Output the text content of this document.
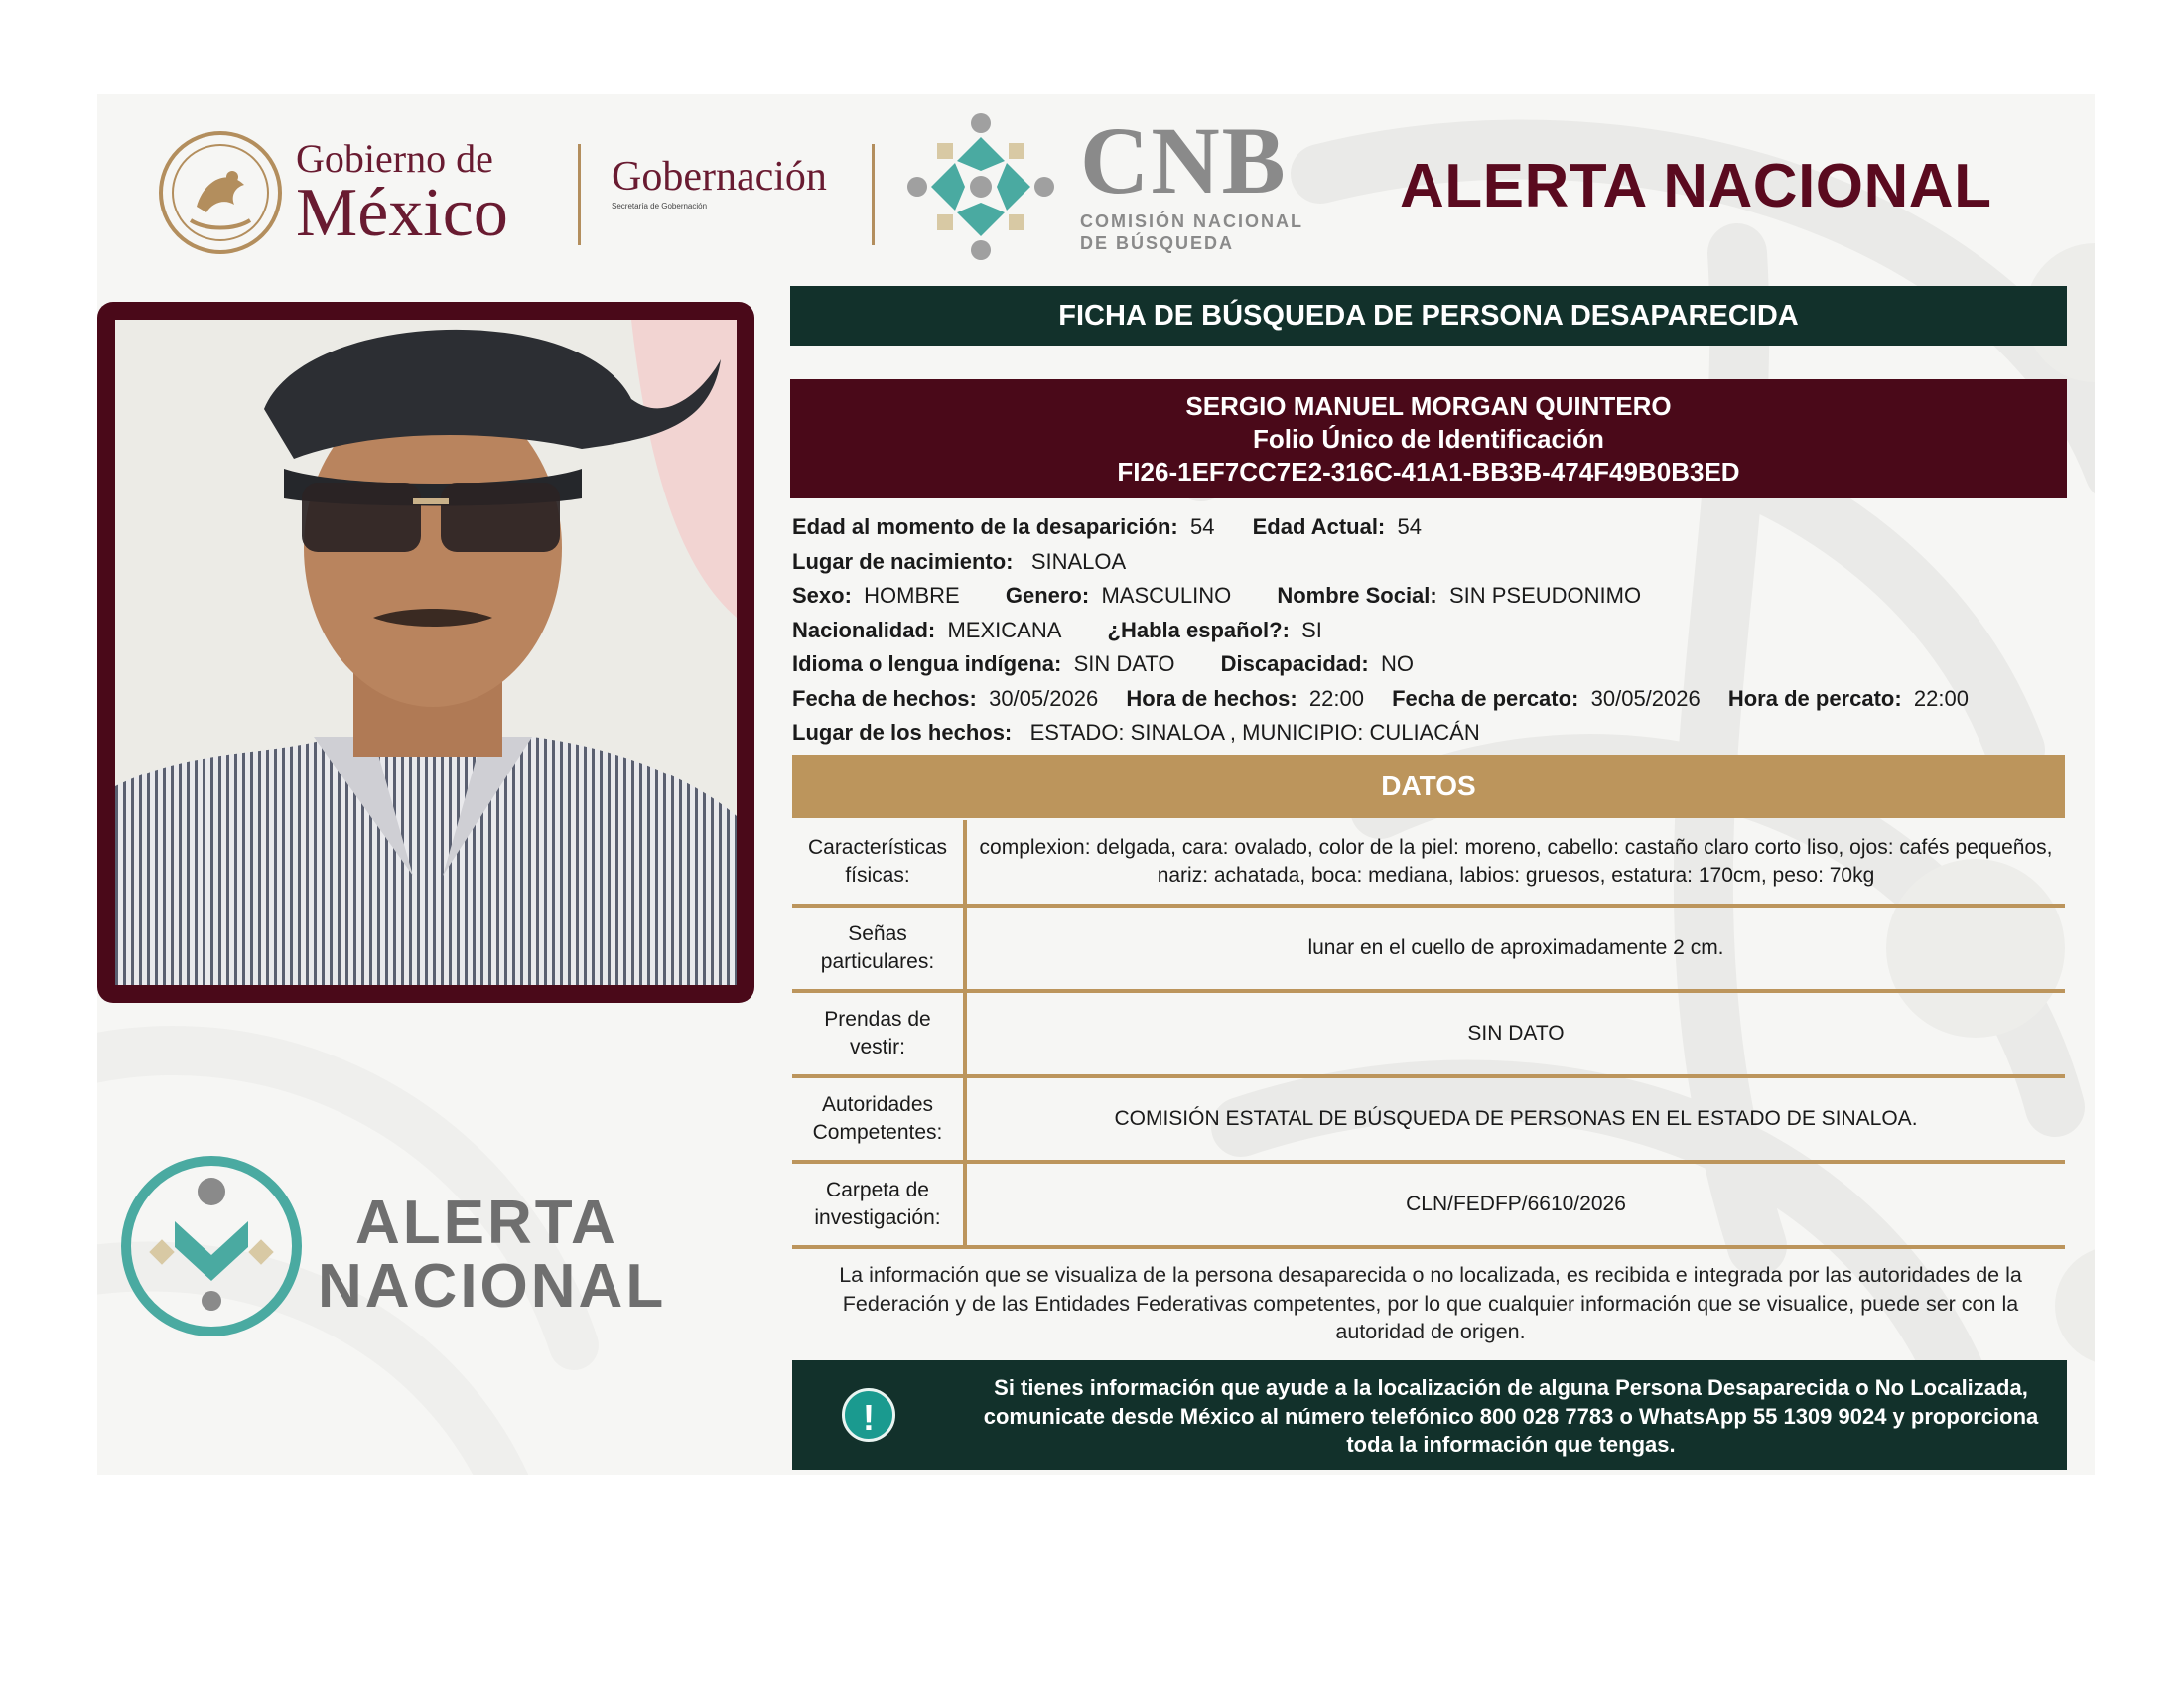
Gobierno de
México Gobernación
Secretaría de Gobernación	CNB
COMISIÓN NACIONAL
DE BÚSQUEDA
ALERTA NACIONAL
ALERTA
NACIONAL
FICHA DE BÚSQUEDA DE PERSONA DESAPARECIDA
SERGIO MANUEL MORGAN QUINTERO
Folio Único de Identificación
FI26-1EF7CC7E2-316C-41A1-BB3B-474F49B0B3ED
Edad al momento de la desaparición: 54 Edad Actual: 54
Lugar de nacimiento: SINALOA
Sexo: HOMBRE Genero: MASCULINO Nombre Social: SIN PSEUDONIMO
Nacionalidad: MEXICANA ¿Habla español?: SI
Idioma o lengua indígena: SIN DATO Discapacidad: NO
Fecha de hechos: 30/05/2026 Hora de hechos: 22:00 Fecha de percato: 30/05/2026 Hora de percato: 22:00
Lugar de los hechos: ESTADO: SINALOA , MUNICIPIO: CULIACÁN
DATOS
Características
físicas:	complexion: delgada, cara: ovalado, color de la piel: moreno, cabello: castaño claro corto liso, ojos: cafés pequeños, nariz: achatada, boca: mediana, labios: gruesos, estatura: 170cm, peso: 70kg
Señas
particulares:	lunar en el cuello de aproximadamente 2 cm.
Prendas de
vestir:	SIN DATO
Autoridades
Competentes:	COMISIÓN ESTATAL DE BÚSQUEDA DE PERSONAS EN EL ESTADO DE SINALOA.
Carpeta de
investigación:	CLN/FEDFP/6610/2026
La información que se visualiza de la persona desaparecida o no localizada, es recibida e integrada por las autoridades de la Federación y de las Entidades Federativas competentes, por lo que cualquier información que se visualice, puede ser con la autoridad de origen.
!
Si tienes información que ayude a la localización de alguna Persona Desaparecida o No Localizada, comunicate desde México al número telefónico 800 028 7783 o WhatsApp 55 1309 9024 y proporciona toda la información que tengas.
